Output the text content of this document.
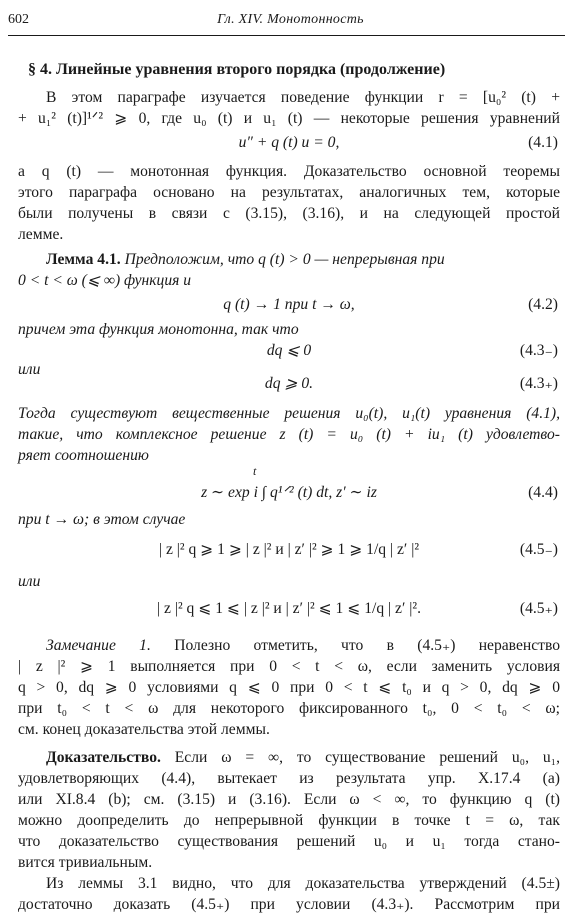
602	Гл. XIV. Монотонность
§ 4. Линейные уравнения второго порядка (продолжение)
В этом параграфе изучается поведение функции r = [u₀² (t) +
+ u₁² (t)]¹ᐟ² ⩾ 0, где u₀ (t) и u₁ (t) — некоторые решения уравнений
u″ + q (t) u = 0,	(4.1)
а q (t) — монотонная функция. Доказательство основной теоремы
этого параграфа основано на результатах, аналогичных тем, которые
были получены в связи с (3.15), (3.16), и на следующей простой
лемме.
Лемма 4.1. Предположим, что q (t) > 0 — непрерывная при
0 < t < ω (⩽ ∞) функция и
q (t) → 1 при t → ω,	(4.2)
причем эта функция монотонна, так что
dq ⩽ 0	(4.3₋)
или
dq ⩾ 0.	(4.3₊)
Тогда существуют вещественные решения u₀(t), u₁(t) уравнения (4.1),
такие, что комплексное решение z (t) = u₀ (t) + iu₁ (t) удовлетво-
ряет соотношению
t
z ∼ exp i ∫ q¹ᐟ² (t) dt, z′ ∼ iz	(4.4)
при t → ω; в этом случае
| z |² q ⩾ 1 ⩾ | z |² и | z′ |² ⩾ 1 ⩾ 1/q | z′ |²	(4.5₋)
или
| z |² q ⩽ 1 ⩽ | z |² и | z′ |² ⩽ 1 ⩽ 1/q | z′ |².	(4.5₊)
Замечание 1. Полезно отметить, что в (4.5₊) неравенство
| z |² ⩾ 1 выполняется при 0 < t < ω, если заменить условия
q > 0, dq ⩾ 0 условиями q ⩽ 0 при 0 < t ⩽ t₀ и q > 0, dq ⩾ 0
при t₀ < t < ω для некоторого фиксированного t₀, 0 < t₀ < ω;
см. конец доказательства этой леммы.
Доказательство. Если ω = ∞, то существование решений u₀, u₁,
удовлетворяющих (4.4), вытекает из результата упр. X.17.4 (a)
или XI.8.4 (b); см. (3.15) и (3.16). Если ω < ∞, то функцию q (t)
можно доопределить до непрерывной функции в точке t = ω, так
что доказательство существования решений u₀ и u₁ тогда стано-
вится тривиальным.
Из леммы 3.1 видно, что для доказательства утверждений (4.5±)
достаточно доказать (4.5₊) при условии (4.3₊). Рассмотрим при
